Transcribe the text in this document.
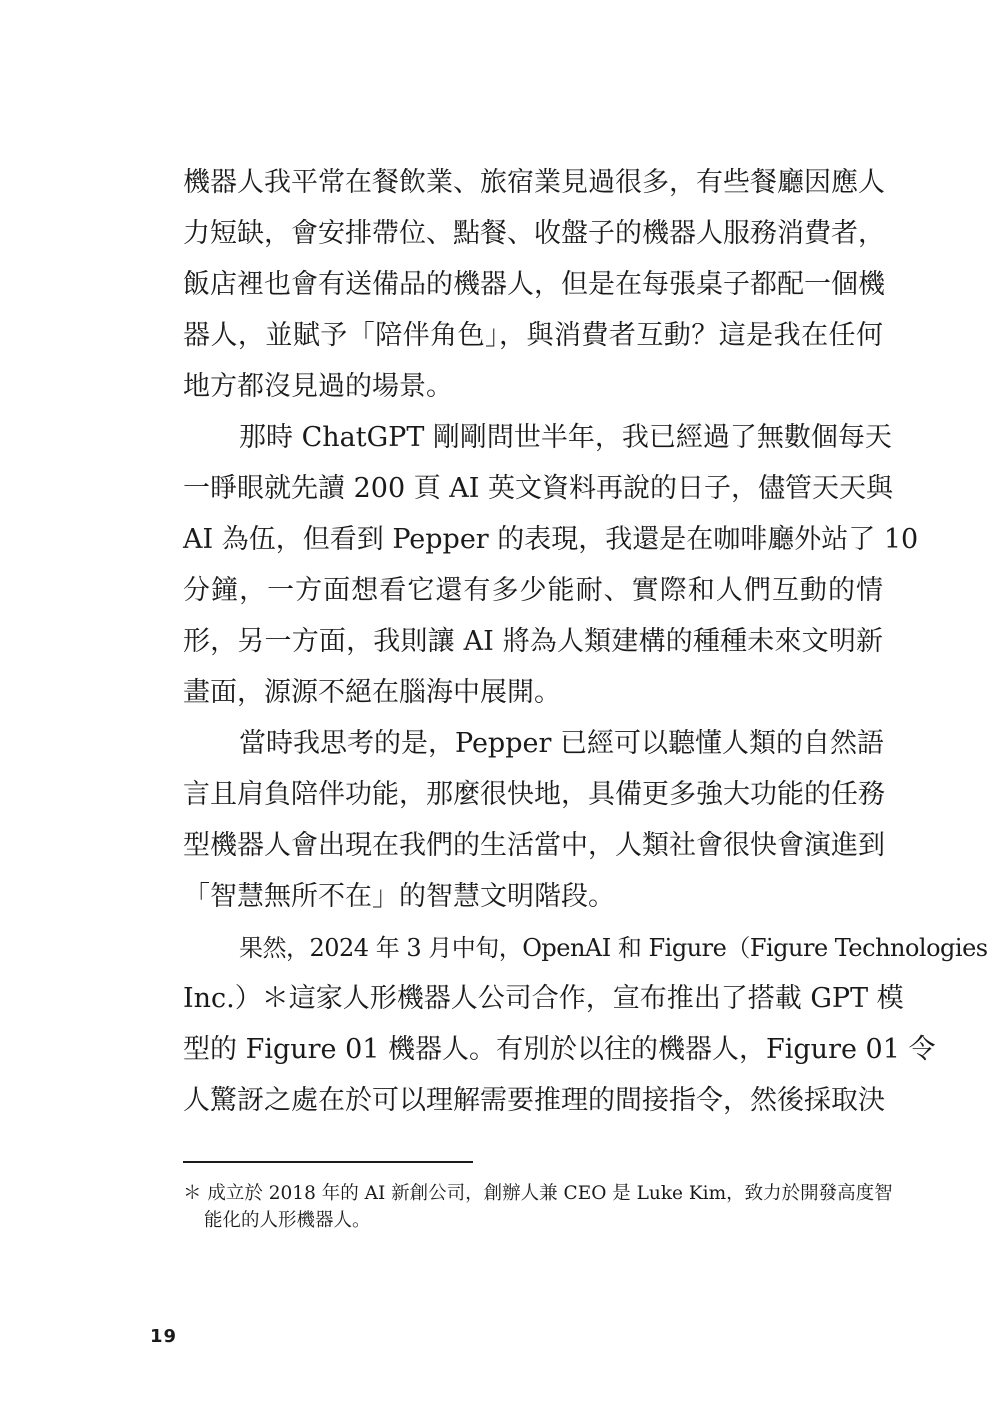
機器人我平常在餐飲業、旅宿業見過很多，有些餐廳因應人
力短缺，會安排帶位、點餐、收盤子的機器人服務消費者，
飯店裡也會有送備品的機器人，但是在每張桌子都配一個機
器人，並賦予「陪伴角色」，與消費者互動？這是我在任何
地方都沒見過的場景。
那時 ChatGPT 剛剛問世半年，我已經過了無數個每天
一睜眼就先讀 200 頁 AI 英文資料再說的日子，儘管天天與
AI 為伍，但看到 Pepper 的表現，我還是在咖啡廳外站了 10
分鐘，一方面想看它還有多少能耐、實際和人們互動的情
形，另一方面，我則讓 AI 將為人類建構的種種未來文明新
畫面，源源不絕在腦海中展開。
當時我思考的是，Pepper 已經可以聽懂人類的自然語
言且肩負陪伴功能，那麼很快地，具備更多強大功能的任務
型機器人會出現在我們的生活當中，人類社會很快會演進到
「智慧無所不在」的智慧文明階段。
果然，2024 年 3 月中旬，OpenAI 和 Figure（Figure Technologies
Inc.）＊這家人形機器人公司合作，宣布推出了搭載 GPT 模
型的 Figure 01 機器人。有別於以往的機器人，Figure 01 令
人驚訝之處在於可以理解需要推理的間接指令，然後採取決
＊ 成立於 2018 年的 AI 新創公司，創辦人兼 CEO 是 Luke Kim，致力於開發高度智
能化的人形機器人。
19
